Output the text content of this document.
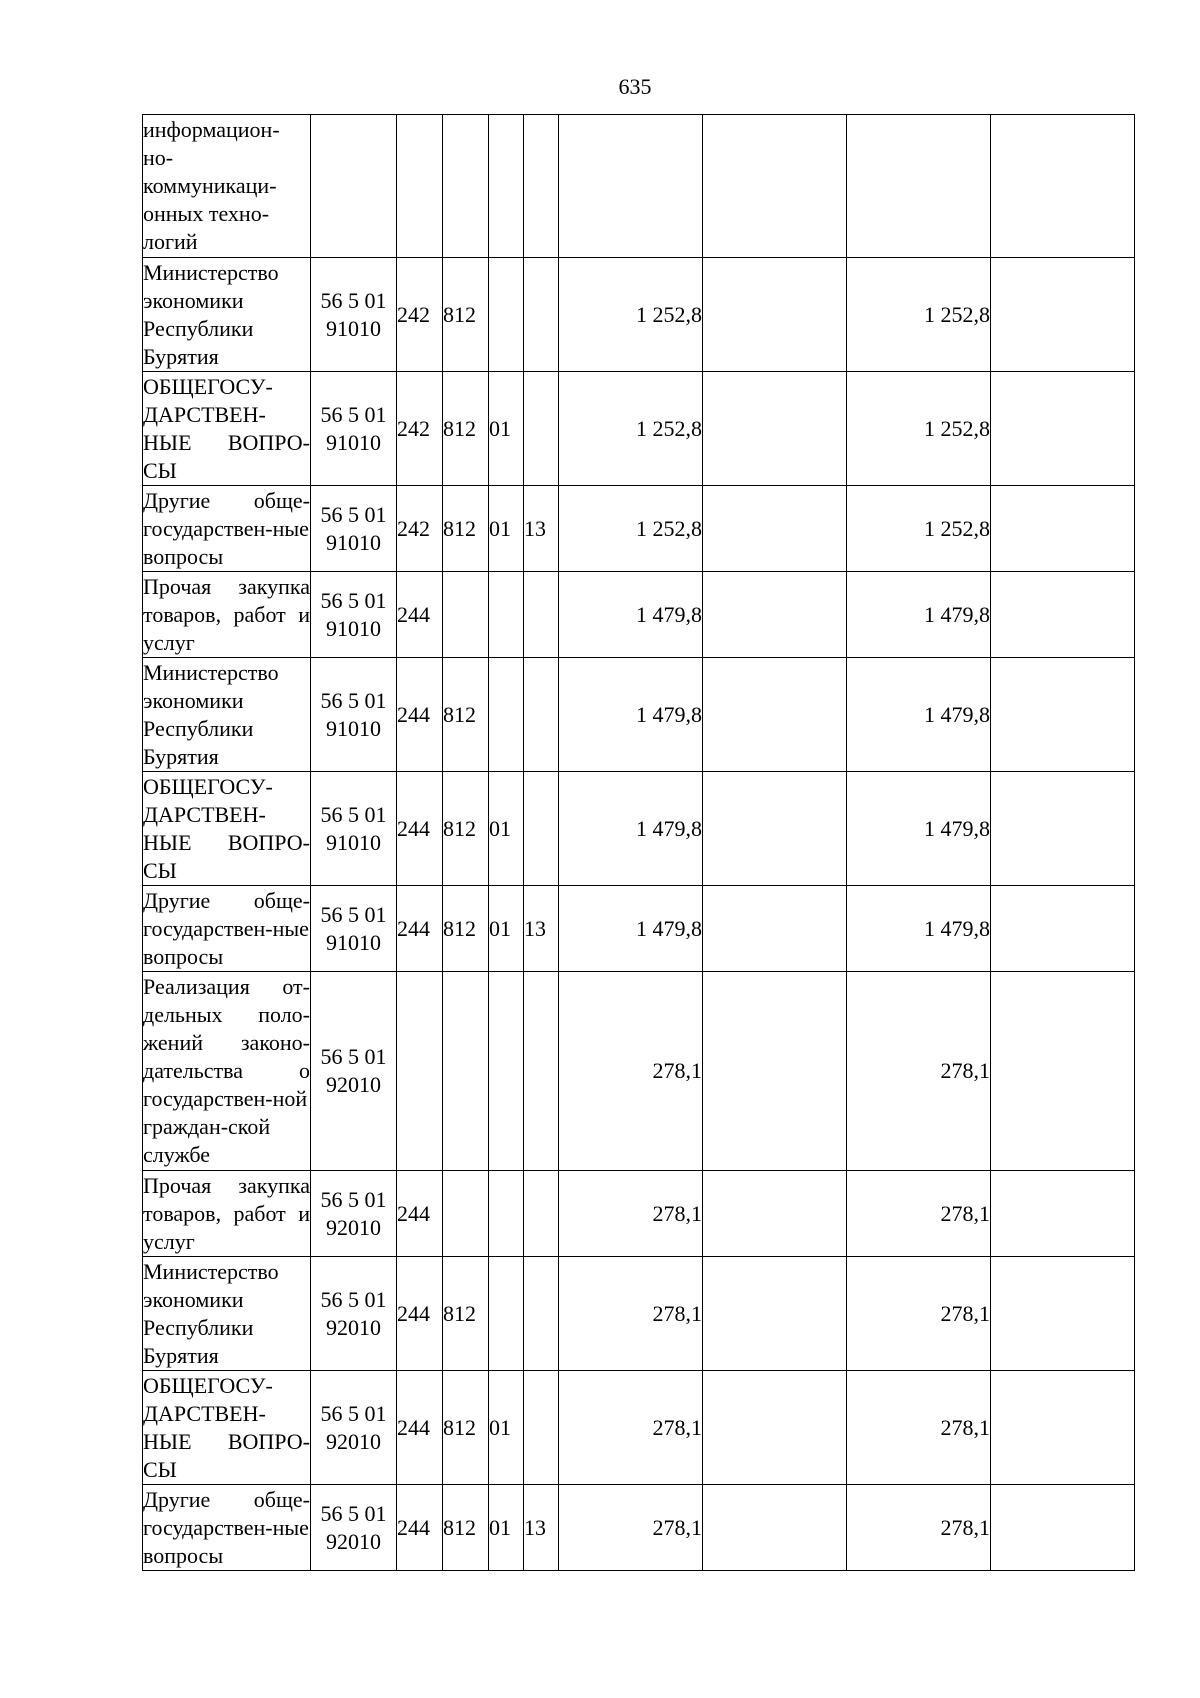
635
информацион-
но-
коммуникаци-
онных техно-
логий									

Министерство экономики Республики Бурятия	56 5 01 91010	242	812			1 252,8		1 252,8	

ОБЩЕГОСУ-ДАРСТВЕН-НЫЕ ВОПРО-СЫ	56 5 01 91010	242	812	01		1 252,8		1 252,8	

Другие обще-государствен-ные вопросы	56 5 01 91010	242	812	01	13	1 252,8		1 252,8	

Прочая закупка товаров, работ и услуг	56 5 01 91010	244				1 479,8		1 479,8	

Министерство экономики Республики Бурятия	56 5 01 91010	244	812			1 479,8		1 479,8	

ОБЩЕГОСУ-ДАРСТВЕН-НЫЕ ВОПРО-СЫ	56 5 01 91010	244	812	01		1 479,8		1 479,8	

Другие обще-государствен-ные вопросы	56 5 01 91010	244	812	01	13	1 479,8		1 479,8	

Реализация от-дельных поло-жений законо-дательства о государствен-ной граждан-ской службе	56 5 01 92010					278,1		278,1	

Прочая закупка товаров, работ и услуг	56 5 01 92010	244				278,1		278,1	

Министерство экономики Республики Бурятия	56 5 01 92010	244	812			278,1		278,1	

ОБЩЕГОСУ-ДАРСТВЕН-НЫЕ ВОПРО-СЫ	56 5 01 92010	244	812	01		278,1		278,1	

Другие обще-государствен-ные вопросы	56 5 01 92010	244	812	01	13	278,1		278,1	
